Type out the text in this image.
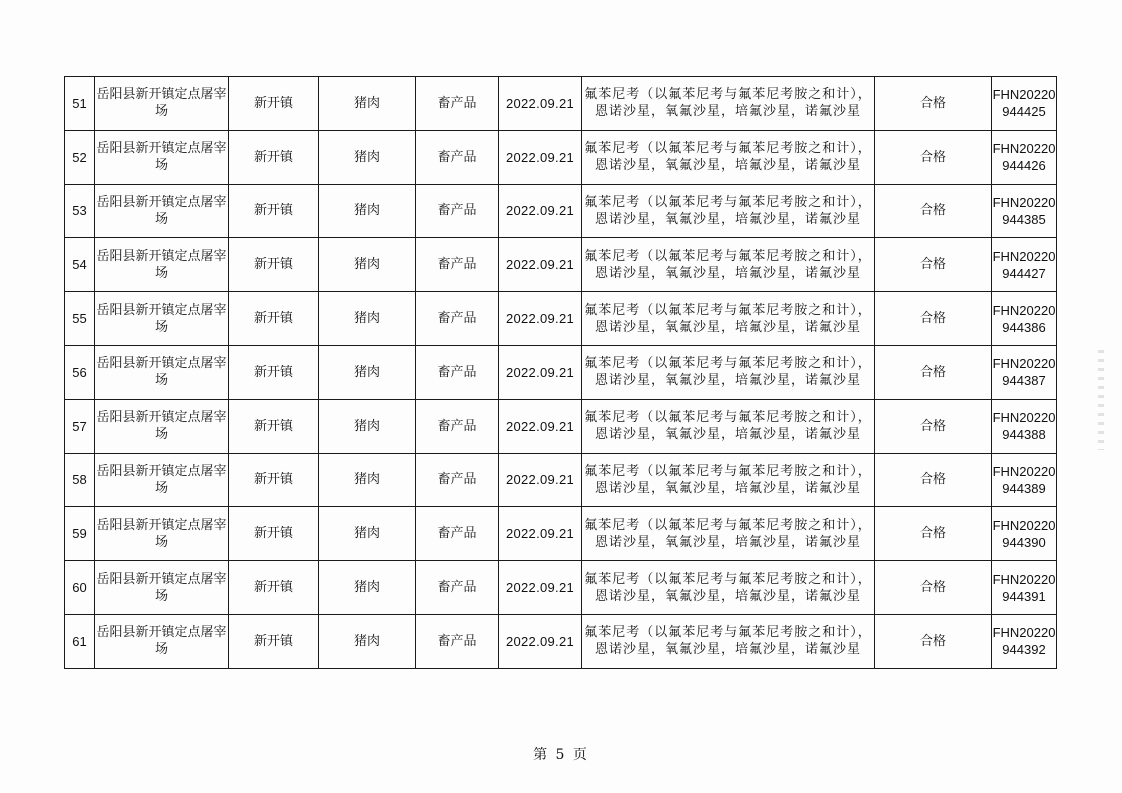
51	岳阳县新开镇定点屠宰场	新开镇	猪肉	畜产品	2022.09.21	氟苯尼考（以氟苯尼考与氟苯尼考胺之和计），恩诺沙星，氧氟沙星，培氟沙星，诺氟沙星	合格	FHN20220944425
52	岳阳县新开镇定点屠宰场	新开镇	猪肉	畜产品	2022.09.21	氟苯尼考（以氟苯尼考与氟苯尼考胺之和计），恩诺沙星，氧氟沙星，培氟沙星，诺氟沙星	合格	FHN20220944426
53	岳阳县新开镇定点屠宰场	新开镇	猪肉	畜产品	2022.09.21	氟苯尼考（以氟苯尼考与氟苯尼考胺之和计），恩诺沙星，氧氟沙星，培氟沙星，诺氟沙星	合格	FHN20220944385
54	岳阳县新开镇定点屠宰场	新开镇	猪肉	畜产品	2022.09.21	氟苯尼考（以氟苯尼考与氟苯尼考胺之和计），恩诺沙星，氧氟沙星，培氟沙星，诺氟沙星	合格	FHN20220944427
55	岳阳县新开镇定点屠宰场	新开镇	猪肉	畜产品	2022.09.21	氟苯尼考（以氟苯尼考与氟苯尼考胺之和计），恩诺沙星，氧氟沙星，培氟沙星，诺氟沙星	合格	FHN20220944386
56	岳阳县新开镇定点屠宰场	新开镇	猪肉	畜产品	2022.09.21	氟苯尼考（以氟苯尼考与氟苯尼考胺之和计），恩诺沙星，氧氟沙星，培氟沙星，诺氟沙星	合格	FHN20220944387
57	岳阳县新开镇定点屠宰场	新开镇	猪肉	畜产品	2022.09.21	氟苯尼考（以氟苯尼考与氟苯尼考胺之和计），恩诺沙星，氧氟沙星，培氟沙星，诺氟沙星	合格	FHN20220944388
58	岳阳县新开镇定点屠宰场	新开镇	猪肉	畜产品	2022.09.21	氟苯尼考（以氟苯尼考与氟苯尼考胺之和计），恩诺沙星，氧氟沙星，培氟沙星，诺氟沙星	合格	FHN20220944389
59	岳阳县新开镇定点屠宰场	新开镇	猪肉	畜产品	2022.09.21	氟苯尼考（以氟苯尼考与氟苯尼考胺之和计），恩诺沙星，氧氟沙星，培氟沙星，诺氟沙星	合格	FHN20220944390
60	岳阳县新开镇定点屠宰场	新开镇	猪肉	畜产品	2022.09.21	氟苯尼考（以氟苯尼考与氟苯尼考胺之和计），恩诺沙星，氧氟沙星，培氟沙星，诺氟沙星	合格	FHN20220944391
61	岳阳县新开镇定点屠宰场	新开镇	猪肉	畜产品	2022.09.21	氟苯尼考（以氟苯尼考与氟苯尼考胺之和计），恩诺沙星，氧氟沙星，培氟沙星，诺氟沙星	合格	FHN20220944392
第 5 页
